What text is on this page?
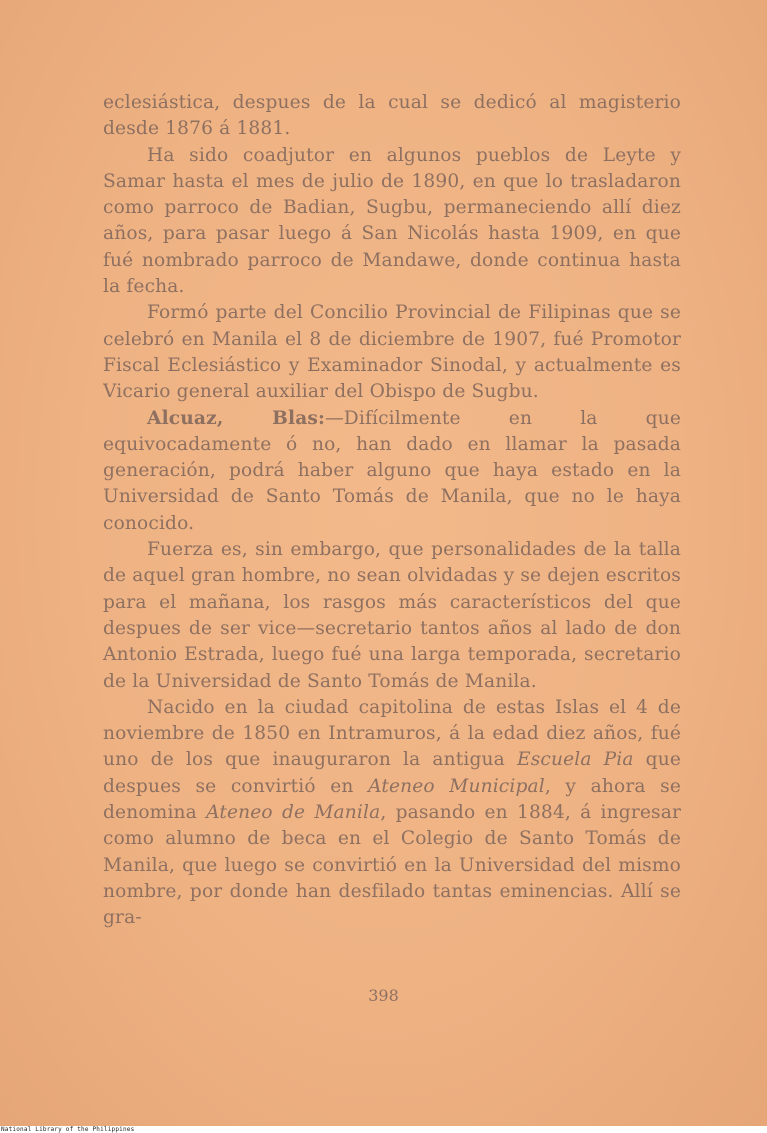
eclesiástica, despues de la cual se dedicó al magisterio desde 1876 á 1881.

Ha sido coadjutor en algunos pueblos de Leyte y Samar hasta el mes de julio de 1890, en que lo trasladaron como parroco de Badian, Sugbu, permaneciendo allí diez años, para pasar luego á San Nicolás hasta 1909, en que fué nombrado parroco de Mandawe, donde continua hasta la fecha.

Formó parte del Concilio Provincial de Filipinas que se celebró en Manila el 8 de diciembre de 1907, fué Promotor Fiscal Eclesiástico y Examinador Sinodal, y actualmente es Vicario general auxiliar del Obispo de Sugbu.

Alcuaz, Blas:—Difícilmente en la que equivocadamente ó no, han dado en llamar la pasada generación, podrá haber alguno que haya estado en la Universidad de Santo Tomás de Manila, que no le haya conocido.

Fuerza es, sin embargo, que personalidades de la talla de aquel gran hombre, no sean olvidadas y se dejen escritos para el mañana, los rasgos más característicos del que despues de ser vice—secretario tantos años al lado de don Antonio Estrada, luego fué una larga temporada, secretario de la Universidad de Santo Tomás de Manila.

Nacido en la ciudad capitolina de estas Islas el 4 de noviembre de 1850 en Intramuros, á la edad diez años, fué uno de los que inauguraron la antigua Escuela Pia que despues se convirtió en Ateneo Municipal, y ahora se denomina Ateneo de Manila, pasando en 1884, á ingresar como alumno de beca en el Colegio de Santo Tomás de Manila, que luego se convirtió en la Universidad del mismo nombre, por donde han desfilado tantas eminencias. Allí se gra-

398
National Library of the Philippines
